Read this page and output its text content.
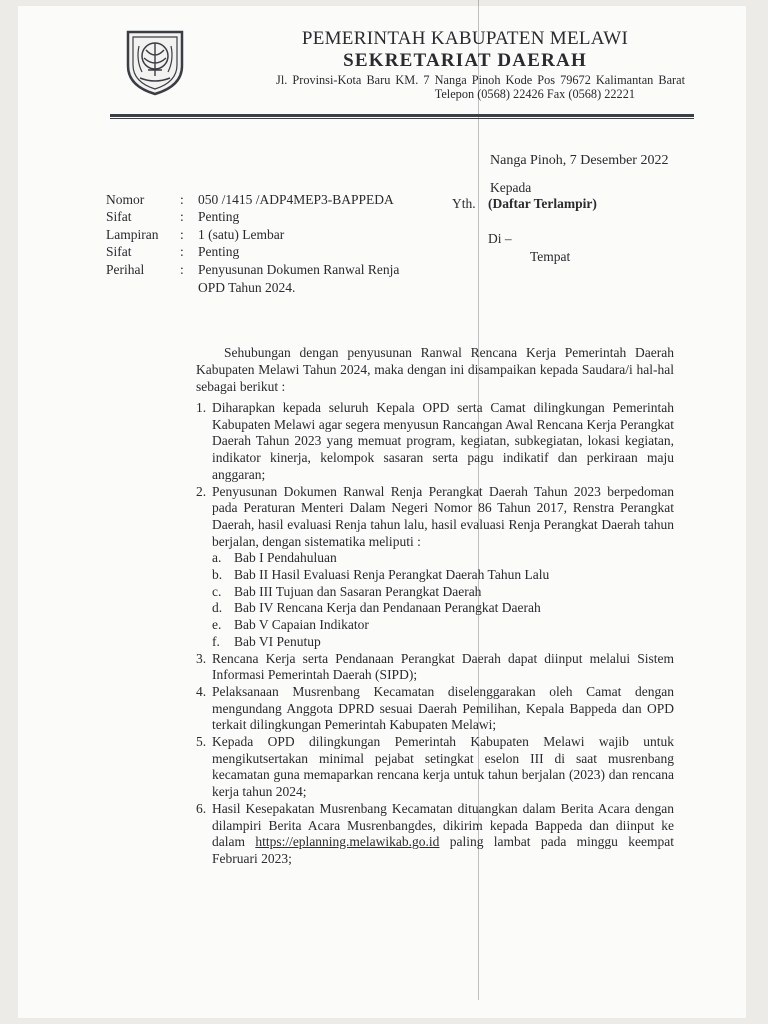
PEMERINTAH KABUPATEN MELAWI
SEKRETARIAT DAERAH
Jl. Provinsi-Kota Baru KM. 7 Nanga Pinoh Kode Pos 79672 Kalimantan Barat
Telepon (0568) 22426 Fax (0568) 22221
Nanga Pinoh, 7 Desember 2022
Kepada
Yth. (Daftar Terlampir)
Di –
Tempat
Nomor	: 050 /1415 /ADP4MEP3-BAPPEDA
Sifat	: Penting
Lampiran : 1 (satu) Lembar
Sifat	: Penting
Perihal	: Penyusunan Dokumen Ranwal Renja
OPD Tahun 2024.
Sehubungan dengan penyusunan Ranwal Rencana Kerja Pemerintah Daerah Kabupaten Melawi Tahun 2024, maka dengan ini disampaikan kepada Saudara/i hal-hal sebagai berikut :
1. Diharapkan kepada seluruh Kepala OPD serta Camat dilingkungan Pemerintah Kabupaten Melawi agar segera menyusun Rancangan Awal Rencana Kerja Perangkat Daerah Tahun 2023 yang memuat program, kegiatan, subkegiatan, lokasi kegiatan, indikator kinerja, kelompok sasaran serta pagu indikatif dan perkiraan maju anggaran;
2. Penyusunan Dokumen Ranwal Renja Perangkat Daerah Tahun 2023 berpedoman pada Peraturan Menteri Dalam Negeri Nomor 86 Tahun 2017, Renstra Perangkat Daerah, hasil evaluasi Renja tahun lalu, hasil evaluasi Renja Perangkat Daerah tahun berjalan, dengan sistematika meliputi :
a. Bab I Pendahuluan
b. Bab II Hasil Evaluasi Renja Perangkat Daerah Tahun Lalu
c. Bab III Tujuan dan Sasaran Perangkat Daerah
d. Bab IV Rencana Kerja dan Pendanaan Perangkat Daerah
e. Bab V Capaian Indikator
f. Bab VI Penutup
3. Rencana Kerja serta Pendanaan Perangkat Daerah dapat diinput melalui Sistem Informasi Pemerintah Daerah (SIPD);
4. Pelaksanaan Musrenbang Kecamatan diselenggarakan oleh Camat dengan mengundang Anggota DPRD sesuai Daerah Pemilihan, Kepala Bappeda dan OPD terkait dilingkungan Pemerintah Kabupaten Melawi;
5. Kepada OPD dilingkungan Pemerintah Kabupaten Melawi wajib untuk mengikutsertakan minimal pejabat setingkat eselon III di saat musrenbang kecamatan guna memaparkan rencana kerja untuk tahun berjalan (2023) dan rencana kerja tahun 2024;
6. Hasil Kesepakatan Musrenbang Kecamatan dituangkan dalam Berita Acara dengan dilampiri Berita Acara Musrenbangdes, dikirim kepada Bappeda dan diinput ke dalam https://eplanning.melawikab.go.id paling lambat pada minggu keempat Februari 2023;
